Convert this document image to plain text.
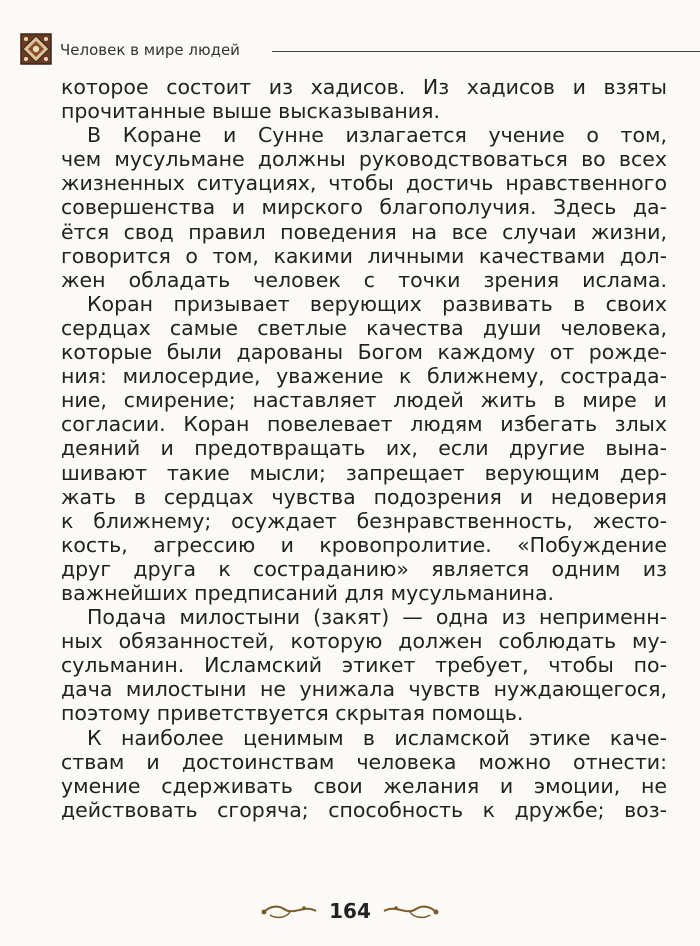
Человек в мире людей
которое состоит из хадисов. Из хадисов и взяты
прочитанные выше высказывания.
В Коране и Сунне излагается учение о том,
чем мусульмане должны руководствоваться во всех
жизненных ситуациях, чтобы достичь нравственного
совершенства и мирского благополучия. Здесь да-
ётся свод правил поведения на все случаи жизни,
говорится о том, какими личными качествами дол-
жен обладать человек с точки зрения ислама.
Коран призывает верующих развивать в своих
сердцах самые светлые качества души человека,
которые были дарованы Богом каждому от рожде-
ния: милосердие, уважение к ближнему, сострада-
ние, смирение; наставляет людей жить в мире и
согласии. Коран повелевает людям избегать злых
деяний и предотвращать их, если другие вына-
шивают такие мысли; запрещает верующим дер-
жать в сердцах чувства подозрения и недоверия
к ближнему; осуждает безнравственность, жесто-
кость, агрессию и кровопролитие. «Побуждение
друг друга к состраданию» является одним из
важнейших предписаний для мусульманина.
Подача милостыни (закят) — одна из неприменн-
ных обязанностей, которую должен соблюдать му-
сульманин. Исламский этикет требует, чтобы по-
дача милостыни не унижала чувств нуждающегося,
поэтому приветствуется скрытая помощь.
К наиболее ценимым в исламской этике каче-
ствам и достоинствам человека можно отнести:
умение сдерживать свои желания и эмоции, не
действовать сгоряча; способность к дружбе; воз-
164
